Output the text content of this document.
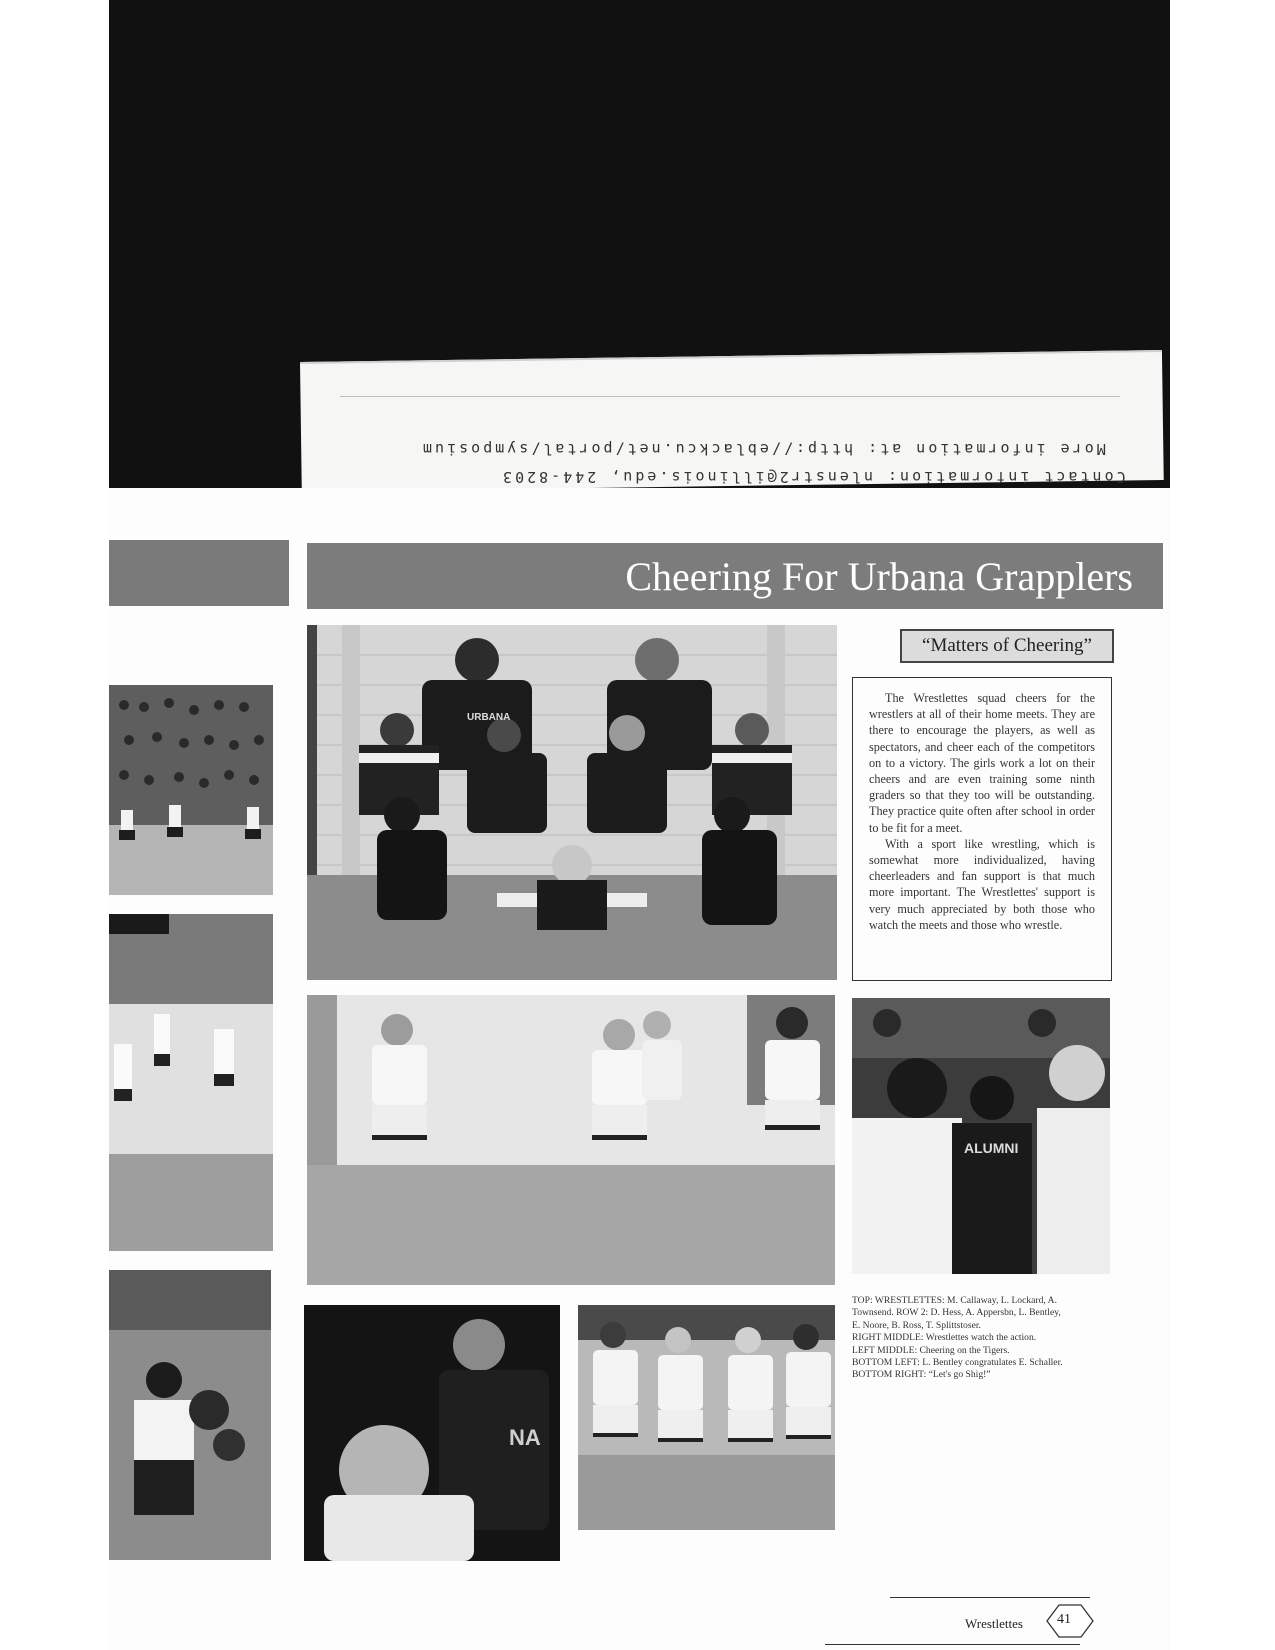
More information at: http://eblackcu.net/portal/symposium
Contact information: nlenstr2@illinois.edu, 244-8203
Cheering For Urbana Grapplers
URBANA
“Matters of Cheering”

The Wrestlettes squad cheers for the wrestlers at all of their home meets. They are there to encourage the players, as well as spectators, and cheer each of the competitors on to a victory. The girls work a lot on their cheers and are even training some ninth graders so that they too will be outstanding. They practice quite often after school in order to be fit for a meet.

With a sport like wrestling, which is somewhat more individualized, having cheerleaders and fan support is that much more important. The Wrestlettes' support is very much appreciated by both those who watch the meets and those who wrestle.

ALUMNI
NA
TOP: WRESTLETTES: M. Callaway, L. Lockard, A.
Townsend. ROW 2: D. Hess, A. Appersbn, L. Bentley,
E. Noore, B. Ross, T. Splittstoser.
RIGHT MIDDLE: Wrestlettes watch the action.
LEFT MIDDLE: Cheering on the Tigers.
BOTTOM LEFT: L. Bentley congratulates E. Schaller.
BOTTOM RIGHT: “Let's go Shig!”
Wrestlettes 41
